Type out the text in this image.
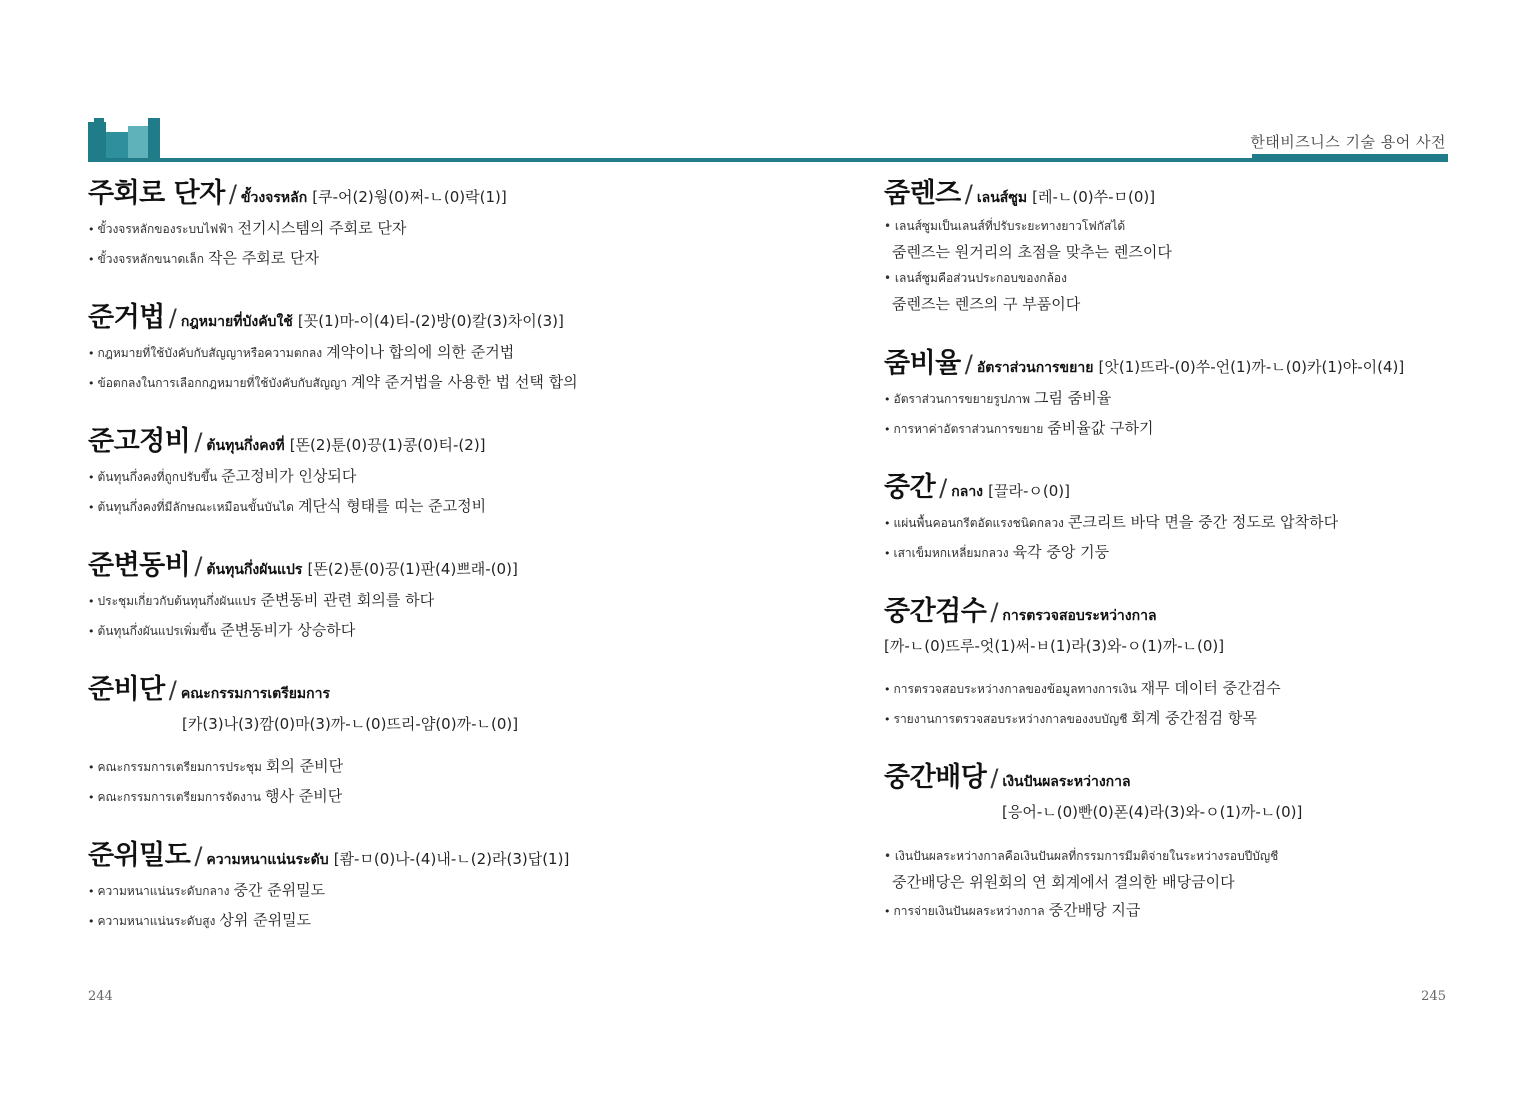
한태비즈니스 기술 용어 사전
주회로 단자 / ขั้วงจรหลัก [쿠-어(2)웡(0)쩌-ㄴ(0)락(1)]
• ขั้วงจรหลักของระบบไฟฟ้า 전기시스템의 주회로 단자
• ขั้วงจรหลักขนาดเล็ก 작은 주회로 단자
준거법 / กฎหมายที่บังคับใช้ [꼿(1)마-이(4)티-(2)방(0)칼(3)차이(3)]
• กฎหมายที่ใช้บังคับกับสัญญาหรือความตกลง 계약이나 합의에 의한 준거법
• ข้อตกลงในการเลือกกฎหมายที่ใช้บังคับกับสัญญา 계약 준거법을 사용한 법 선택 합의
준고정비 / ต้นทุนกึ่งคงที่ [똔(2)툰(0)끙(1)콩(0)티-(2)]
• ต้นทุนกึ่งคงที่ถูกปรับขึ้น 준고정비가 인상되다
• ต้นทุนกึ่งคงที่มีลักษณะเหมือนขั้นบันได 계단식 형태를 띠는 준고정비
준변동비 / ต้นทุนกึ่งผันแปร [똔(2)툰(0)끙(1)판(4)쁘래-(0)]
• ประชุมเกี่ยวกับต้นทุนกึ่งผันแปร 준변동비 관련 회의를 하다
• ต้นทุนกึ่งผันแปรเพิ่มขึ้น 준변동비가 상승하다
준비단 / คณะกรรมการเตรียมการ
[카(3)나(3)깜(0)마(3)까-ㄴ(0)뜨리-얌(0)까-ㄴ(0)]
• คณะกรรมการเตรียมการประชุม 회의 준비단
• คณะกรรมการเตรียมการจัดงาน 행사 준비단
준위밀도 / ความหนาแน่นระดับ [쾀-ㅁ(0)나-(4)내-ㄴ(2)라(3)답(1)]
• ความหนาแน่นระดับกลาง 중간 준위밀도
• ความหนาแน่นระดับสูง 상위 준위밀도
줌렌즈 / เลนส์ซูม [레-ㄴ(0)쑤-ㅁ(0)]
• เลนส์ซูมเป็นเลนส์ที่ปรับระยะทางยาวโฟกัสได้
줌렌즈는 원거리의 초점을 맞추는 렌즈이다
• เลนส์ซูมคือส่วนประกอบของกล้อง
줌렌즈는 렌즈의 구 부품이다
줌비율 / อัตราส่วนการขยาย [앗(1)뜨라-(0)쑤-언(1)까-ㄴ(0)카(1)야-이(4)]
• อัตราส่วนการขยายรูปภาพ 그림 줌비율
• การหาค่าอัตราส่วนการขยาย 줌비율값 구하기
중간 / กลาง [끌라-ㅇ(0)]
• แผ่นพื้นคอนกรีตอัดแรงชนิดกลวง 콘크리트 바닥 면을 중간 정도로 압착하다
• เสาเข็มหกเหลี่ยมกลวง 육각 중앙 기둥
중간검수 / การตรวจสอบระหว่างกาล
[까-ㄴ(0)뜨루-엇(1)써-ㅂ(1)라(3)와-ㅇ(1)까-ㄴ(0)]
• การตรวจสอบระหว่างกาลของข้อมูลทางการเงิน 재무 데이터 중간검수
• รายงานการตรวจสอบระหว่างกาลของงบบัญชี 회계 중간점검 항목
중간배당 / เงินปันผลระหว่างกาล
[응어-ㄴ(0)빤(0)폰(4)라(3)와-ㅇ(1)까-ㄴ(0)]
• เงินปันผลระหว่างกาลคือเงินปันผลที่กรรมการมีมติจ่ายในระหว่างรอบปีบัญชี
중간배당은 위원회의 연 회계에서 결의한 배당금이다
• การจ่ายเงินปันผลระหว่างกาล 중간배당 지급
244	245
